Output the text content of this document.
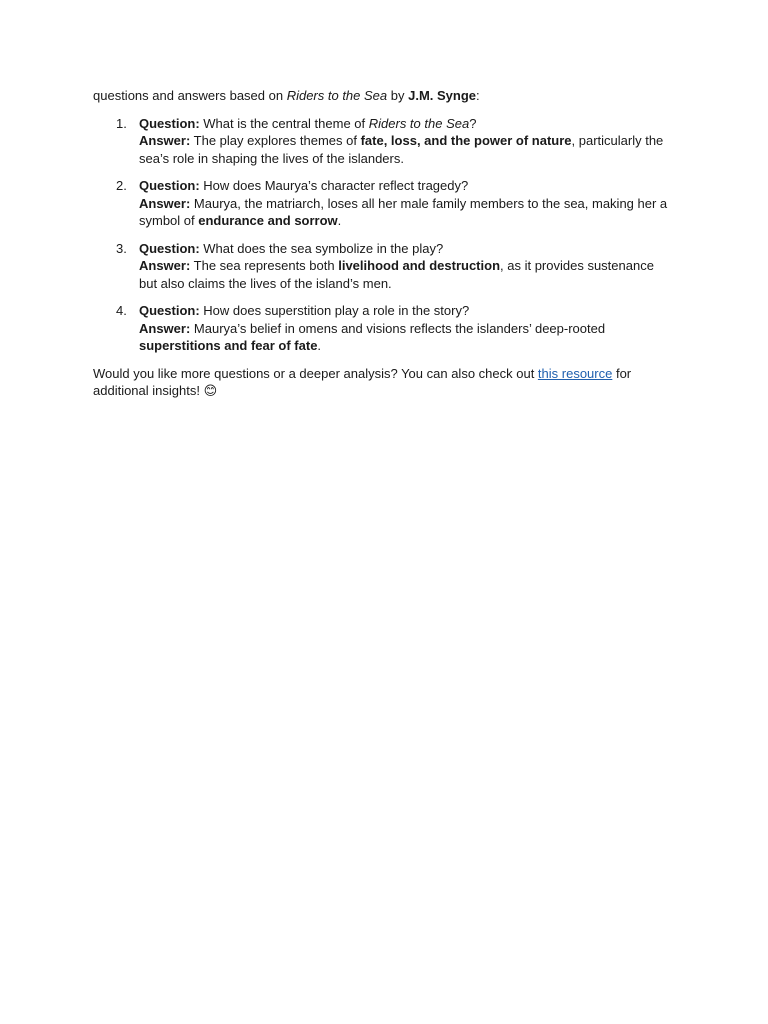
questions and answers based on Riders to the Sea by J.M. Synge:

1. Question: What is the central theme of Riders to the Sea?
Answer: The play explores themes of fate, loss, and the power of nature, particularly the sea’s role in shaping the lives of the islanders.
2. Question: How does Maurya’s character reflect tragedy?
Answer: Maurya, the matriarch, loses all her male family members to the sea, making her a symbol of endurance and sorrow.
3. Question: What does the sea symbolize in the play?
Answer: The sea represents both livelihood and destruction, as it provides sustenance but also claims the lives of the island’s men.
4. Question: How does superstition play a role in the story?
Answer: Maurya’s belief in omens and visions reflects the islanders’ deep-rooted superstitions and fear of fate.

Would you like more questions or a deeper analysis? You can also check out this resource for additional insights! 😊
